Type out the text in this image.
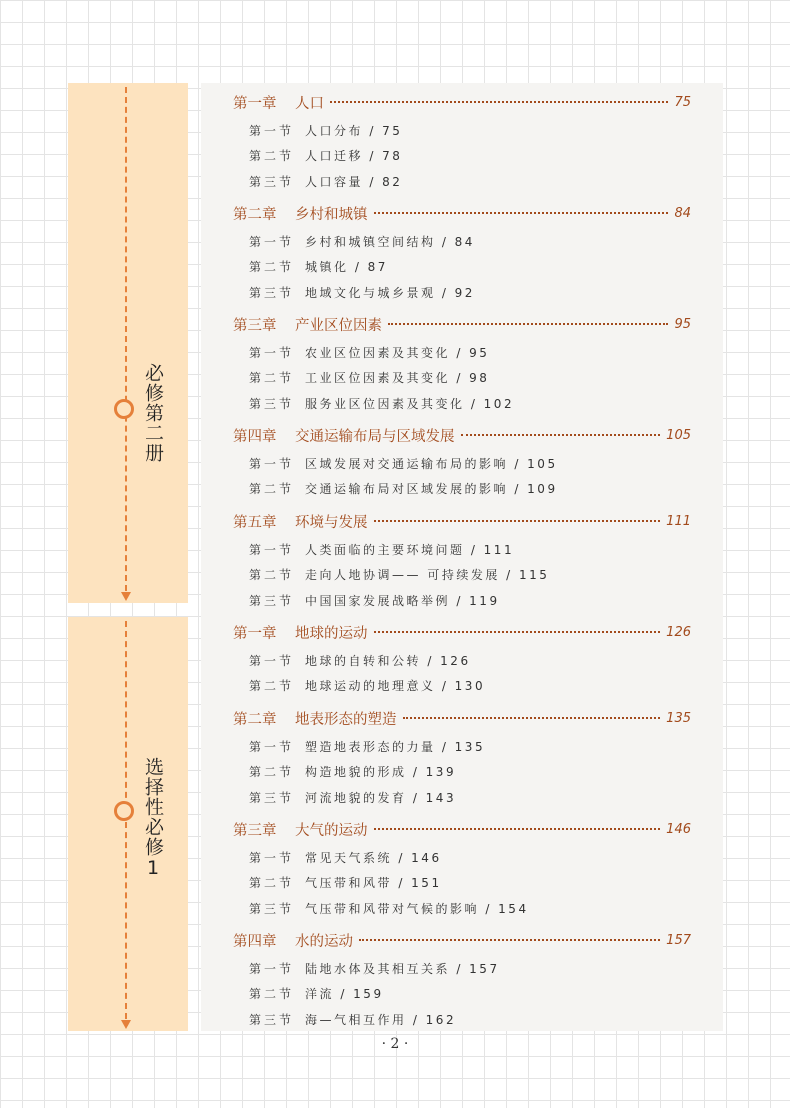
必修第二册
选择性必修1
第一章	人口	75
第一节 人口分布 / 75
第二节 人口迁移 / 78
第三节 人口容量 / 82
第二章	乡村和城镇	84
第一节 乡村和城镇空间结构 / 84
第二节 城镇化 / 87
第三节 地域文化与城乡景观 / 92
第三章	产业区位因素	95
第一节 农业区位因素及其变化 / 95
第二节 工业区位因素及其变化 / 98
第三节 服务业区位因素及其变化 / 102
第四章	交通运输布局与区域发展	105
第一节 区域发展对交通运输布局的影响 / 105
第二节 交通运输布局对区域发展的影响 / 109
第五章	环境与发展	111
第一节 人类面临的主要环境问题 / 111
第二节 走向人地协调—— 可持续发展 / 115
第三节 中国国家发展战略举例 / 119
第一章	地球的运动	126
第一节 地球的自转和公转 / 126
第二节 地球运动的地理意义 / 130
第二章	地表形态的塑造	135
第一节 塑造地表形态的力量 / 135
第二节 构造地貌的形成 / 139
第三节 河流地貌的发育 / 143
第三章	大气的运动	146
第一节 常见天气系统 / 146
第二节 气压带和风带 / 151
第三节 气压带和风带对气候的影响 / 154
第四章	水的运动	157
第一节 陆地水体及其相互关系 / 157
第二节 洋流 / 159
第三节 海—气相互作用 / 162
· 2 ·
